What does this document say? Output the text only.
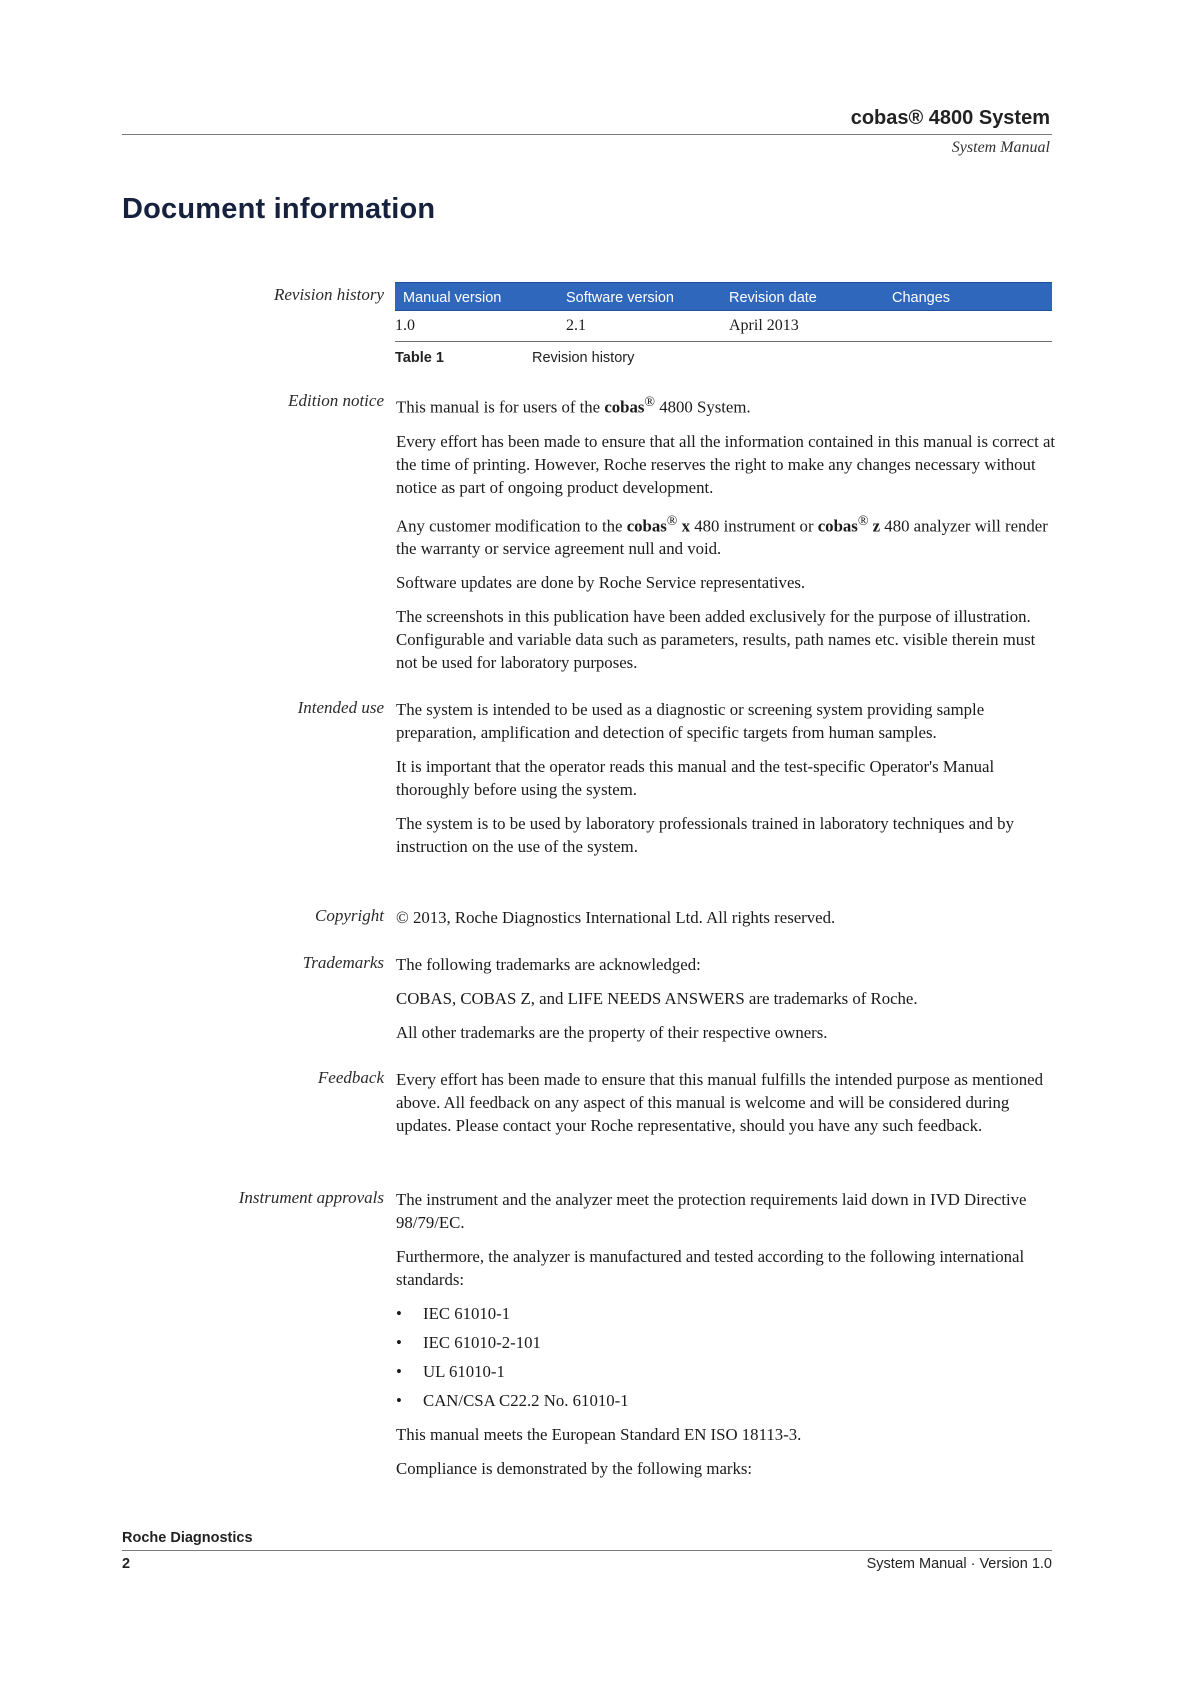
cobas® 4800 System
System Manual
Document information
Revision history Manual version	Software version	Revision date	Changes
1.0	2.1	April 2013	
Table 1	Revision history
Edition notice This manual is for users of the cobas® 4800 System.

Every effort has been made to ensure that all the information contained in this manual is correct at the time of printing. However, Roche reserves the right to make any changes necessary without notice as part of ongoing product development.

Any customer modification to the cobas® x 480 instrument or cobas® z 480 analyzer will render the warranty or service agreement null and void.

Software updates are done by Roche Service representatives.

The screenshots in this publication have been added exclusively for the purpose of illustration. Configurable and variable data such as parameters, results, path names etc. visible therein must not be used for laboratory purposes.

Intended use The system is intended to be used as a diagnostic or screening system providing sample preparation, amplification and detection of specific targets from human samples.

It is important that the operator reads this manual and the test-specific Operator's Manual thoroughly before using the system.

The system is to be used by laboratory professionals trained in laboratory techniques and by instruction on the use of the system.

Copyright © 2013, Roche Diagnostics International Ltd. All rights reserved.

Trademarks The following trademarks are acknowledged:

COBAS, COBAS Z, and LIFE NEEDS ANSWERS are trademarks of Roche.

All other trademarks are the property of their respective owners.

Feedback Every effort has been made to ensure that this manual fulfills the intended purpose as mentioned above. All feedback on any aspect of this manual is welcome and will be considered during updates. Please contact your Roche representative, should you have any such feedback.

Instrument approvals The instrument and the analyzer meet the protection requirements laid down in IVD Directive 98/79/EC.

Furthermore, the analyzer is manufactured and tested according to the following international standards:

• IEC 61010-1
• IEC 61010-2-101
• UL 61010-1
• CAN/CSA C22.2 No. 61010-1

This manual meets the European Standard EN ISO 18113-3.

Compliance is demonstrated by the following marks:

Roche Diagnostics
2	System Manual · Version 1.0
